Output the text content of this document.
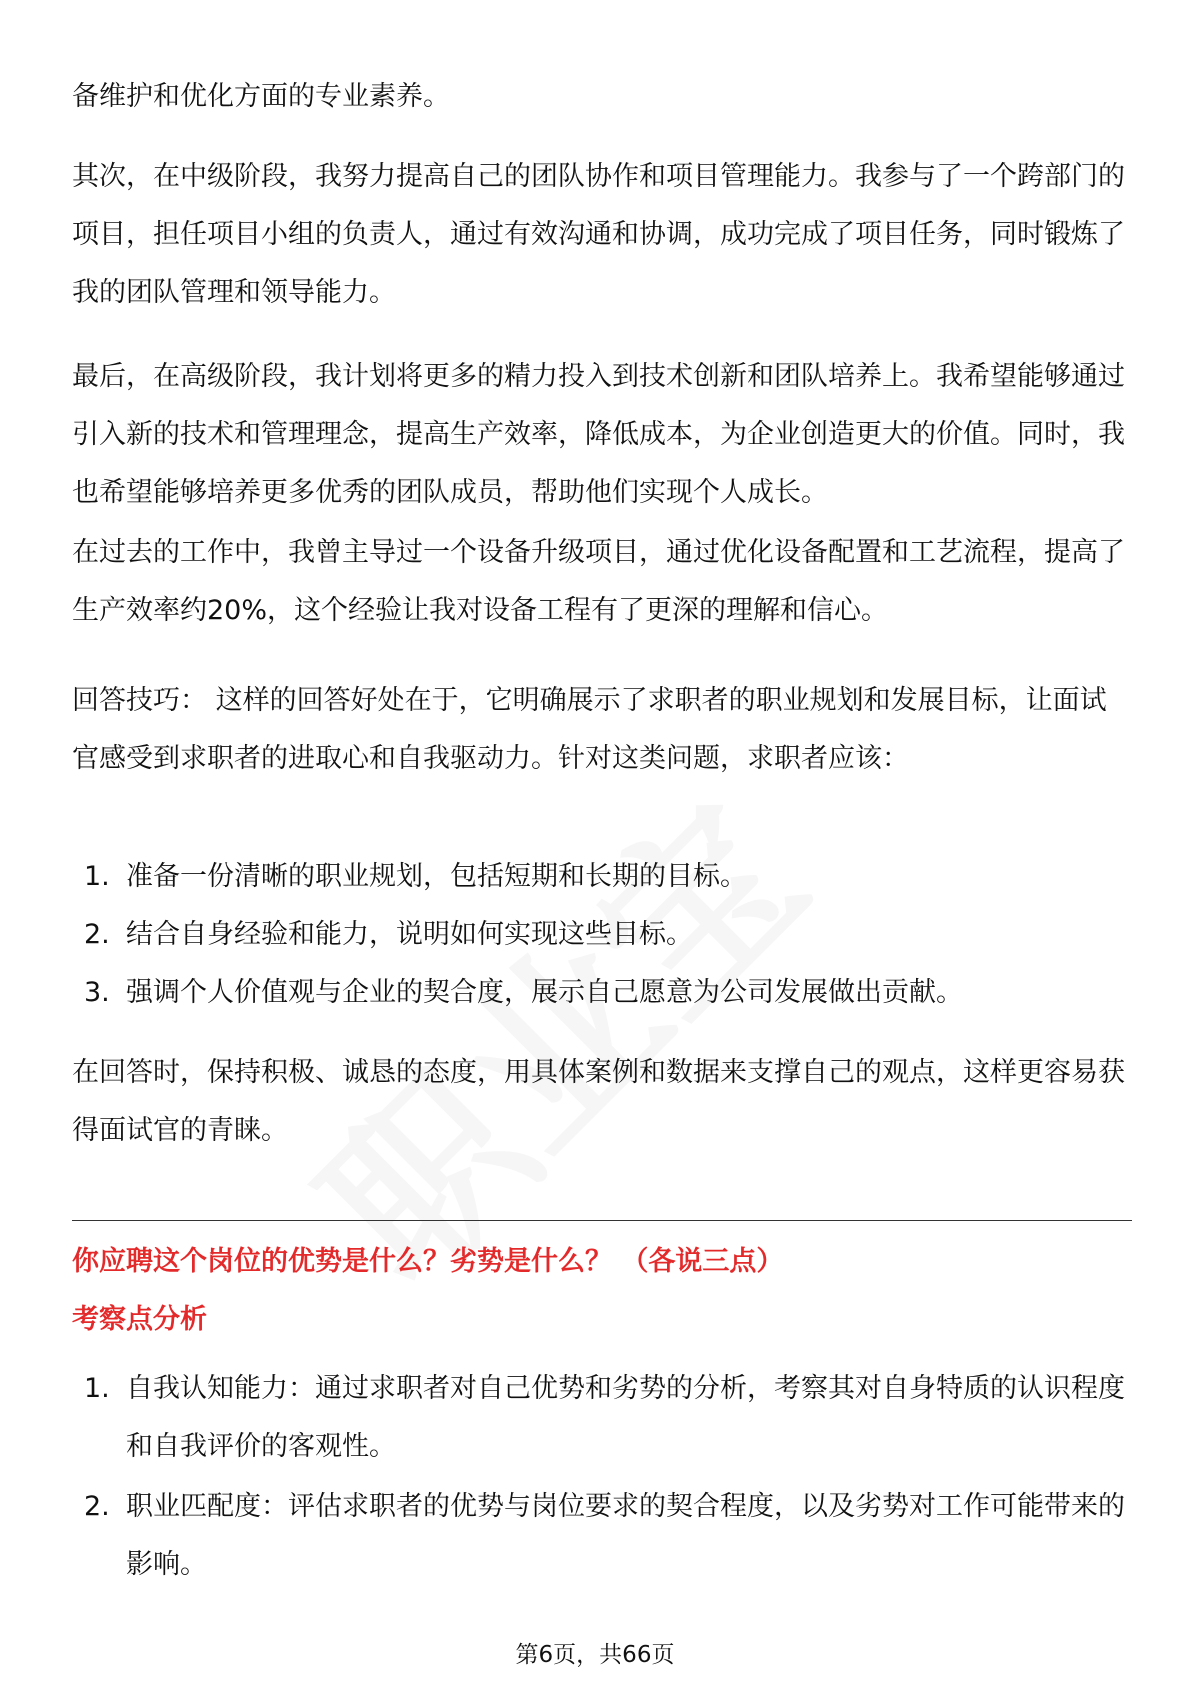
备维护和优化方面的专业素养。

其次，在中级阶段，我努力提高自己的团队协作和项目管理能力。我参与了一个跨部门的项目，担任项目小组的负责人，通过有效沟通和协调，成功完成了项目任务，同时锻炼了我的团队管理和领导能力。

最后，在高级阶段，我计划将更多的精力投入到技术创新和团队培养上。我希望能够通过引入新的技术和管理理念，提高生产效率，降低成本，为企业创造更大的价值。同时，我也希望能够培养更多优秀的团队成员，帮助他们实现个人成长。

在过去的工作中，我曾主导过一个设备升级项目，通过优化设备配置和工艺流程，提高了生产效率约20%，这个经验让我对设备工程有了更深的理解和信心。

回答技巧： 这样的回答好处在于，它明确展示了求职者的职业规划和发展目标，让面试官感受到求职者的进取心和自我驱动力。针对这类问题，求职者应该：

1. 准备一份清晰的职业规划，包括短期和长期的目标。
2. 结合自身经验和能力，说明如何实现这些目标。
3. 强调个人价值观与企业的契合度，展示自己愿意为公司发展做出贡献。

在回答时，保持积极、诚恳的态度，用具体案例和数据来支撑自己的观点，这样更容易获得面试官的青睐。

你应聘这个岗位的优势是什么？劣势是什么？ （各说三点）
考察点分析
1. 自我认知能力：通过求职者对自己优势和劣势的分析，考察其对自身特质的认识程度和自我评价的客观性。
2. 职业匹配度：评估求职者的优势与岗位要求的契合程度，以及劣势对工作可能带来的影响。
第6页，共66页
